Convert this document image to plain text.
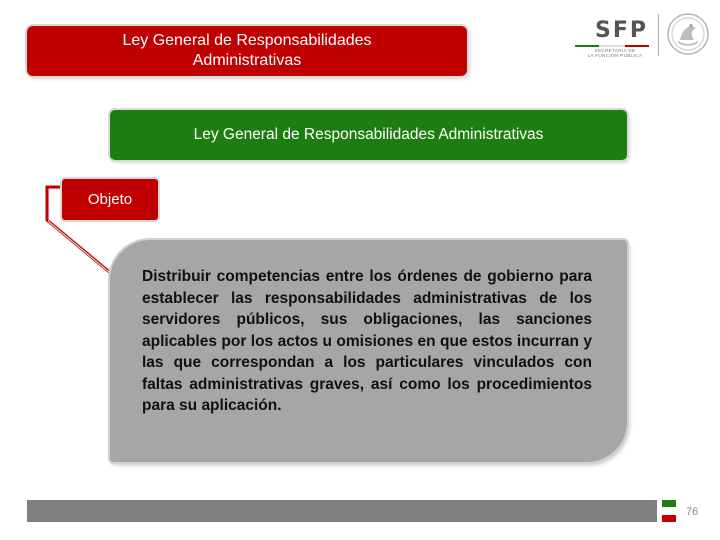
Ley General de Responsabilidades
Administrativas
SFP
SECRETARÍA DE
LA FUNCIÓN PÚBLICA
Ley General de Responsabilidades Administrativas
Objeto
Distribuir competencias entre los órdenes de gobierno para establecer las responsabilidades administrativas de los servidores públicos, sus obligaciones, las sanciones aplicables por los actos u omisiones en que estos incurran y las que correspondan a los particulares vinculados con faltas administrativas graves, así como los procedimientos para su aplicación.
76
